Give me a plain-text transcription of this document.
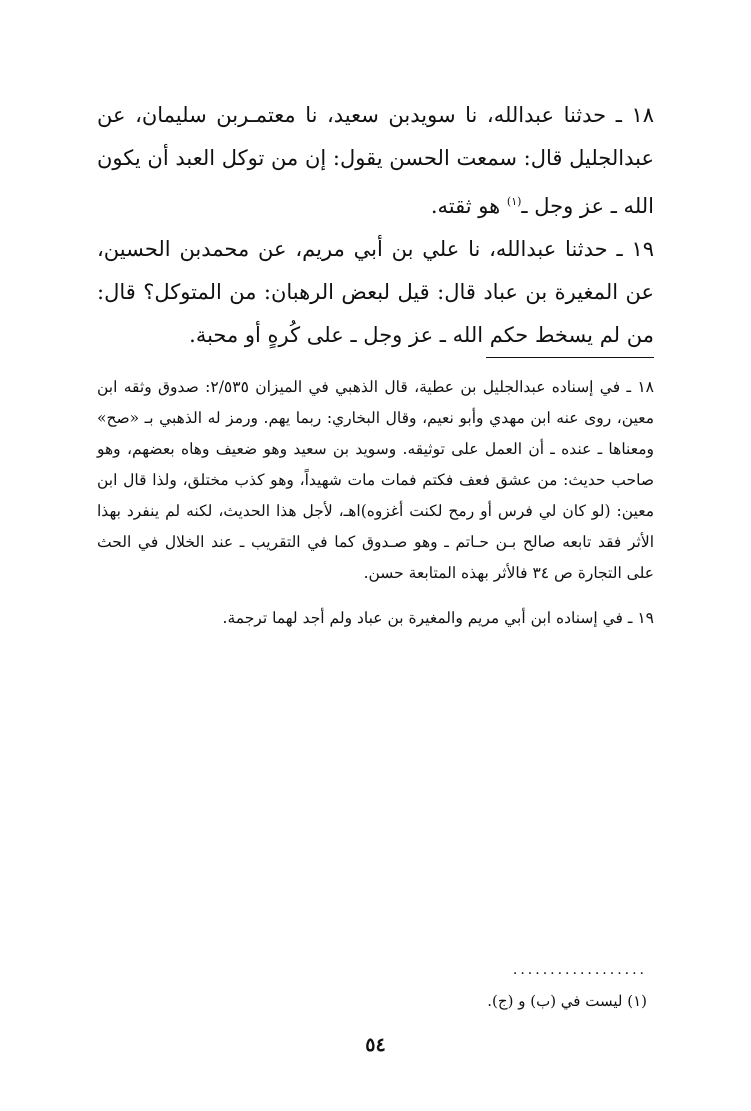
١٨ ـ حدثنا عبدالله، نا سويدبن سعيد، نا معتمـربن سليمان، عن عبدالجليل قال: سمعت الحسن يقول: إن من توكل العبد أن يكون الله ـ عز وجل ـ$^{(١)}$ هو ثقته.

١٩ ـ حدثنا عبدالله، نا علي بن أبي مريم، عن محمدبن الحسين، عن المغيرة بن عباد قال: قيل لبعض الرهبان: من المتوكل؟ قال: من لم يسخط حكم الله ـ عز وجل ـ على كُرهٍ أو محبة.

١٨ ـ في إسناده عبدالجليل بن عطية، قال الذهبي في الميزان ٢/٥٣٥: صدوق وثقه ابن معين، روى عنه ابن مهدي وأبو نعيم، وقال البخاري: ربما يهم. ورمز له الذهبي بـ «صح» ومعناها ـ عنده ـ أن العمل على توثيقه. وسويد بن سعيد وهو ضعيف وهاه بعضهم، وهو صاحب حديث: من عشق فعف فكتم فمات مات شهيداً، وهو كذب مختلق، ولذا قال ابن معين: (لو كان لي فرس أو رمح لكنت أغزوه)اهـ، لأجل هذا الحديث، لكنه لم ينفرد بهذا الأثر فقد تابعه صالح بـن حـاتم ـ وهو صـدوق كما في التقريب ـ عند الخلال في الحث على التجارة ص ٣٤ فالأثر بهذه المتابعة حسن.

١٩ ـ في إسناده ابن أبي مريم والمغيرة بن عباد ولم أجد لهما ترجمة.

..................
(١) ليست في (ب) و (ج).
٥٤
